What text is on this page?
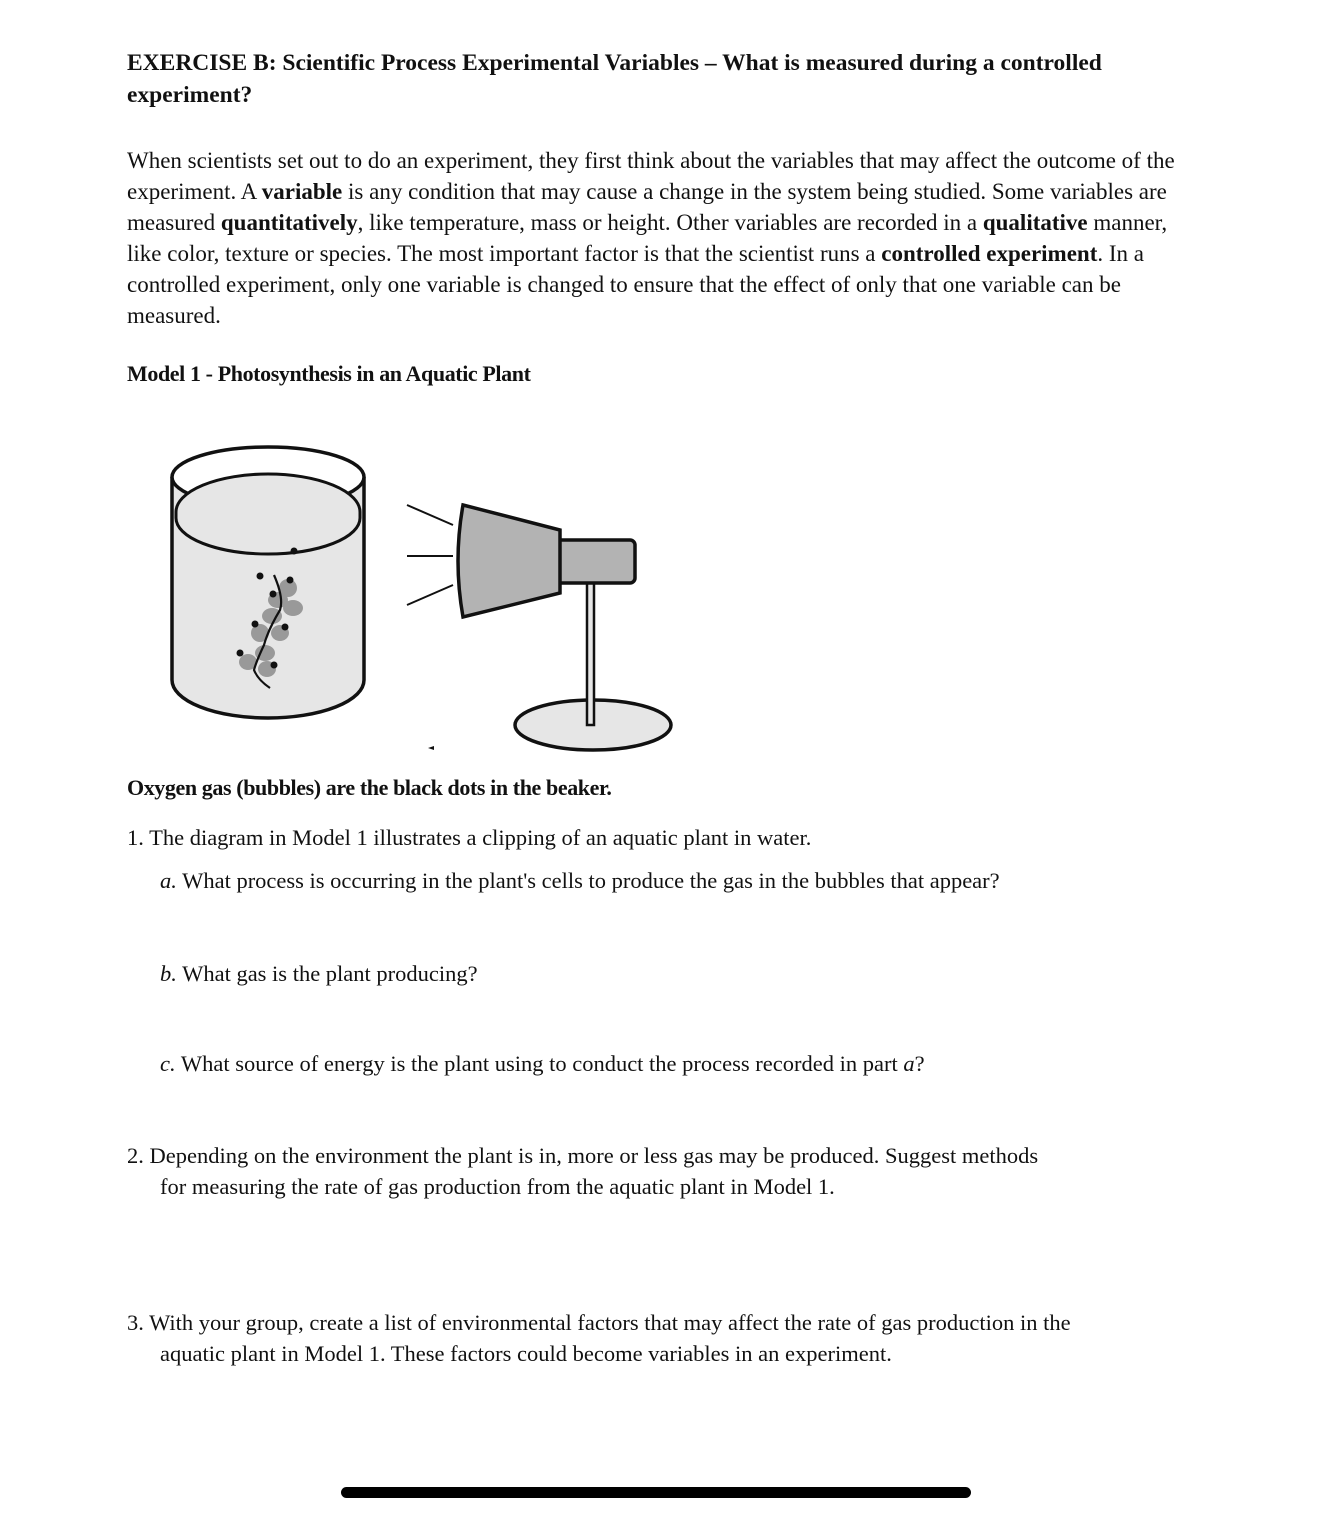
EXERCISE B: Scientific Process Experimental Variables – What is measured during a controlled experiment?
When scientists set out to do an experiment, they first think about the variables that may affect the outcome of the experiment. A variable is any condition that may cause a change in the system being studied. Some variables are measured quantitatively, like temperature, mass or height. Other variables are recorded in a qualitative manner, like color, texture or species. The most important factor is that the scientist runs a controlled experiment. In a controlled experiment, only one variable is changed to ensure that the effect of only that one variable can be measured.
Model 1 - Photosynthesis in an Aquatic Plant
Oxygen gas (bubbles) are the black dots in the beaker.
1. The diagram in Model 1 illustrates a clipping of an aquatic plant in water.
a. What process is occurring in the plant's cells to produce the gas in the bubbles that appear?
b. What gas is the plant producing?
c. What source of energy is the plant using to conduct the process recorded in part a?
2. Depending on the environment the plant is in, more or less gas may be produced. Suggest methods for measuring the rate of gas production from the aquatic plant in Model 1.
3. With your group, create a list of environmental factors that may affect the rate of gas production in the aquatic plant in Model 1. These factors could become variables in an experiment.
